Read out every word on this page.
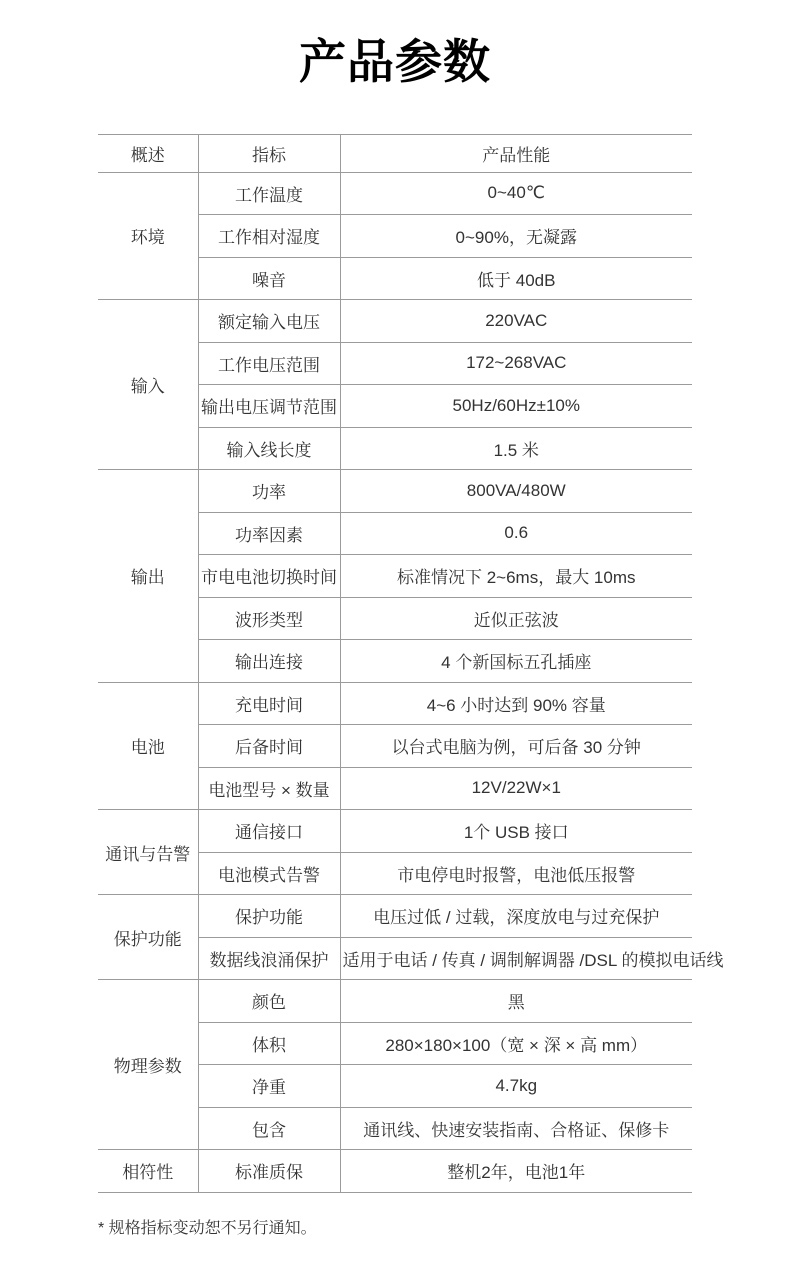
产品参数
概述	指标	产品性能
环境	工作温度	0~40℃
	工作相对湿度	0~90%，无凝露
	噪音	低于 40dB
输入	额定输入电压	220VAC
	工作电压范围	172~268VAC
	输出电压调节范围	50Hz/60Hz±10%
	输入线长度	1.5 米
输出	功率	800VA/480W
	功率因素	0.6
	市电电池切换时间	标准情况下 2~6ms，最大 10ms
	波形类型	近似正弦波
	输出连接	4 个新国标五孔插座
电池	充电时间	4~6 小时达到 90% 容量
	后备时间	以台式电脑为例，可后备 30 分钟
	电池型号 × 数量	12V/22W×1
通讯与告警	通信接口	1个 USB 接口
	电池模式告警	市电停电时报警，电池低压报警
保护功能	保护功能	电压过低 / 过载，深度放电与过充保护
	数据线浪涌保护	适用于电话 / 传真 / 调制解调器 /DSL 的模拟电话线
物理参数	颜色	黑
	体积	280×180×100（宽 × 深 × 高 mm）
	净重	4.7kg
	包含	通讯线、快速安装指南、合格证、保修卡
相符性	标准质保	整机2年，电池1年
* 规格指标变动恕不另行通知。
